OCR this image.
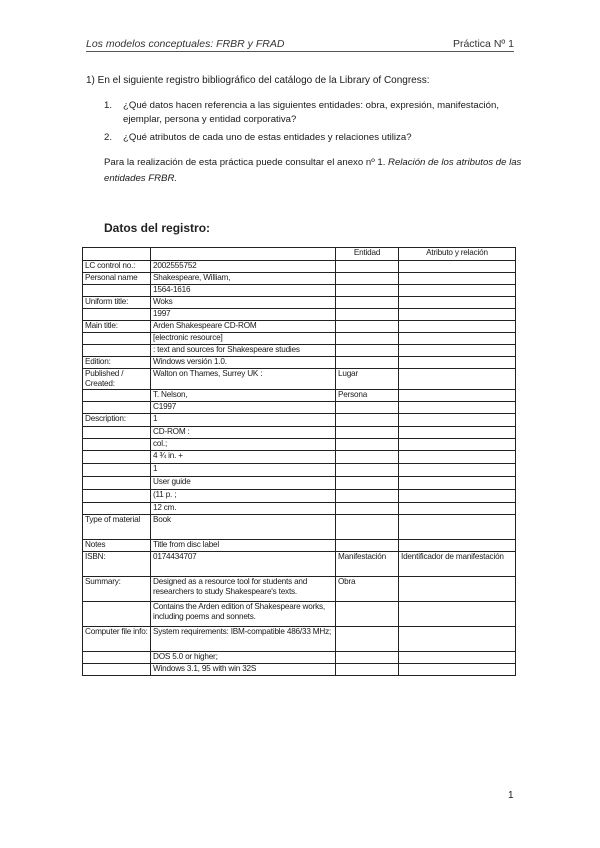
Los modelos conceptuales: FRBR y FRAD	Práctica Nº 1
1) En el siguiente registro bibliográfico del catálogo de la Library of Congress:
1. ¿Qué datos hacen referencia a las siguientes entidades: obra, expresión, manifestación, ejemplar, persona y entidad corporativa?
2. ¿Qué atributos de cada uno de estas entidades y relaciones utiliza?
Para la realización de esta práctica puede consultar el anexo nº 1. Relación de los atributos de las entidades FRBR.
Datos del registro:
		Entidad	Atributo y relación
LC control no.:	2002555752		
Personal name	Shakespeare, William,		
	1564-1616		
Uniform title:	Woks		
	1997		
Main title:	Arden Shakespeare CD-ROM		
	[electronic resource]		
	: text and sources for Shakespeare studies		
Edition:	Windows versión 1.0.		
Published / Created:	Walton on Thames, Surrey UK :	Lugar	
	T. Nelson,	Persona	
	C1997		
Description:	1		
	CD-ROM :		
	col.;		
	4 ¾ in. +		
	1		
	User guide		
	(11 p. ;		
	12 cm.		
Type of material	Book		
Notes	Title from disc label		
ISBN:	0174434707	Manifestación	Identificador de manifestación
Summary:	Designed as a resource tool for students and researchers to study Shakespeare's texts.	Obra	
	Contains the Arden edition of Shakespeare works, including poems and sonnets.		
Computer file info:	System requirements: IBM-compatible 486/33 MHz;		
	DOS 5.0 or higher;		
	Windows 3.1, 95 with win 32S		
1
